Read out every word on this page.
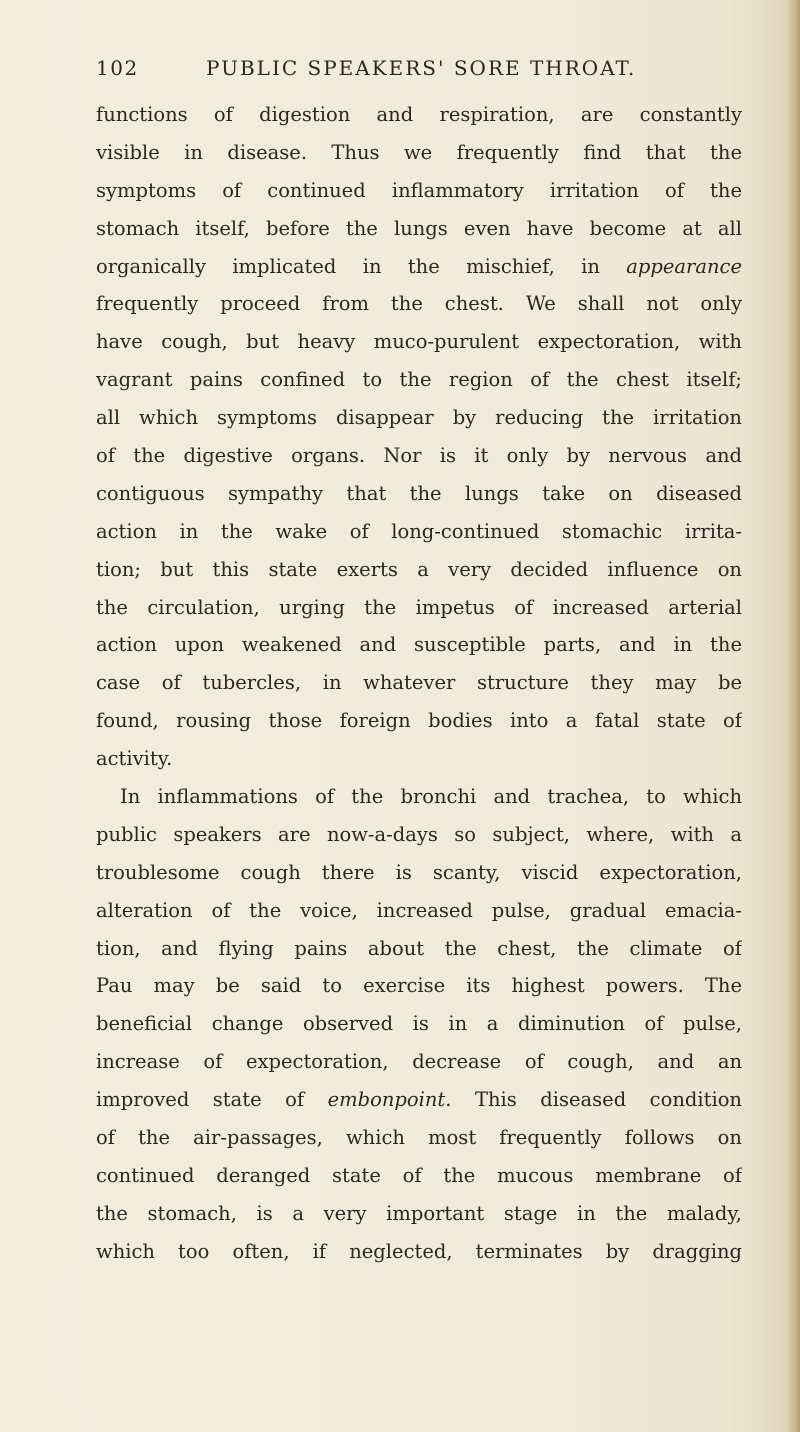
102	PUBLIC SPEAKERS' SORE THROAT.
functions of digestion and respiration, are constantly
visible in disease. Thus we frequently find that the
symptoms of continued inflammatory irritation of the
stomach itself, before the lungs even have become at all
organically implicated in the mischief, in appearance
frequently proceed from the chest. We shall not only
have cough, but heavy muco-purulent expectoration, with
vagrant pains confined to the region of the chest itself;
all which symptoms disappear by reducing the irritation
of the digestive organs. Nor is it only by nervous and
contiguous sympathy that the lungs take on diseased
action in the wake of long-continued stomachic irrita-
tion; but this state exerts a very decided influence on
the circulation, urging the impetus of increased arterial
action upon weakened and susceptible parts, and in the
case of tubercles, in whatever structure they may be
found, rousing those foreign bodies into a fatal state of
activity.
In inflammations of the bronchi and trachea, to which
public speakers are now-a-days so subject, where, with a
troublesome cough there is scanty, viscid expectoration,
alteration of the voice, increased pulse, gradual emacia-
tion, and flying pains about the chest, the climate of
Pau may be said to exercise its highest powers. The
beneficial change observed is in a diminution of pulse,
increase of expectoration, decrease of cough, and an
improved state of embonpoint. This diseased condition
of the air-passages, which most frequently follows on
continued deranged state of the mucous membrane of
the stomach, is a very important stage in the malady,
which too often, if neglected, terminates by dragging
